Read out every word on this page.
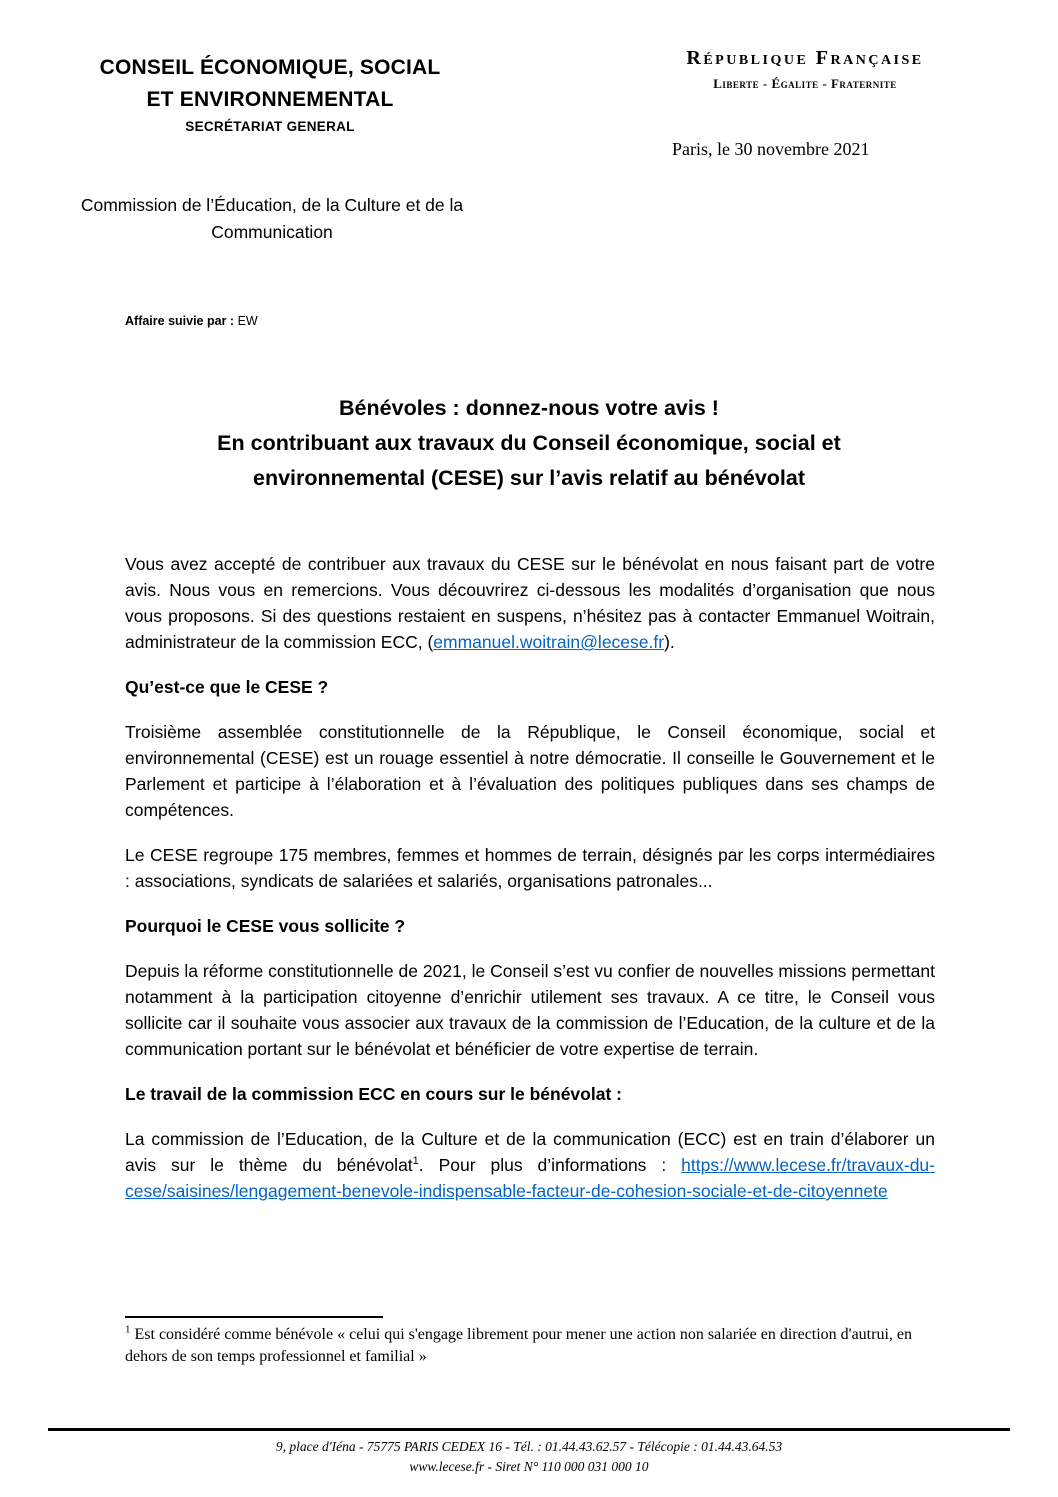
CONSEIL ÉCONOMIQUE, SOCIAL
ET ENVIRONNEMENTAL
SECRÉTARIAT GENERAL
République Française
Liberte - Égalite - Fraternite
Paris, le 30 novembre 2021
Commission de l’Éducation, de la Culture et de la
Communication
Affaire suivie par : EW
Bénévoles : donnez-nous votre avis !
En contribuant aux travaux du Conseil économique, social et
environnemental (CESE) sur l’avis relatif au bénévolat

Vous avez accepté de contribuer aux travaux du CESE sur le bénévolat en nous faisant part de votre avis. Nous vous en remercions. Vous découvrirez ci-dessous les modalités d’organisation que nous vous proposons. Si des questions restaient en suspens, n’hésitez pas à contacter Emmanuel Woitrain, administrateur de la commission ECC, (emmanuel.woitrain@lecese.fr).

Qu’est-ce que le CESE ?

Troisième assemblée constitutionnelle de la République, le Conseil économique, social et environnemental (CESE) est un rouage essentiel à notre démocratie. Il conseille le Gouvernement et le Parlement et participe à l’élaboration et à l’évaluation des politiques publiques dans ses champs de compétences.

Le CESE regroupe 175 membres, femmes et hommes de terrain, désignés par les corps intermédiaires : associations, syndicats de salariées et salariés, organisations patronales...

Pourquoi le CESE vous sollicite ?

Depuis la réforme constitutionnelle de 2021, le Conseil s’est vu confier de nouvelles missions permettant notamment à la participation citoyenne d’enrichir utilement ses travaux. A ce titre, le Conseil vous sollicite car il souhaite vous associer aux travaux de la commission de l’Education, de la culture et de la communication portant sur le bénévolat et bénéficier de votre expertise de terrain.

Le travail de la commission ECC en cours sur le bénévolat :

La commission de l’Education, de la Culture et de la communication (ECC) est en train d’élaborer un avis sur le thème du bénévolat$^1$. Pour plus d’informations : https://www.lecese.fr/travaux-du-cese/saisines/lengagement-benevole-indispensable-facteur-de-cohesion-sociale-et-de-citoyennete

$^1$ Est considéré comme bénévole « celui qui s'engage librement pour mener une action non salariée en direction d'autrui, en dehors de son temps professionnel et familial »
9, place d'Iéna - 75775 PARIS CEDEX 16 - Tél. : 01.44.43.62.57 - Télécopie : 01.44.43.64.53
www.lecese.fr - Siret N° 110 000 031 000 10
